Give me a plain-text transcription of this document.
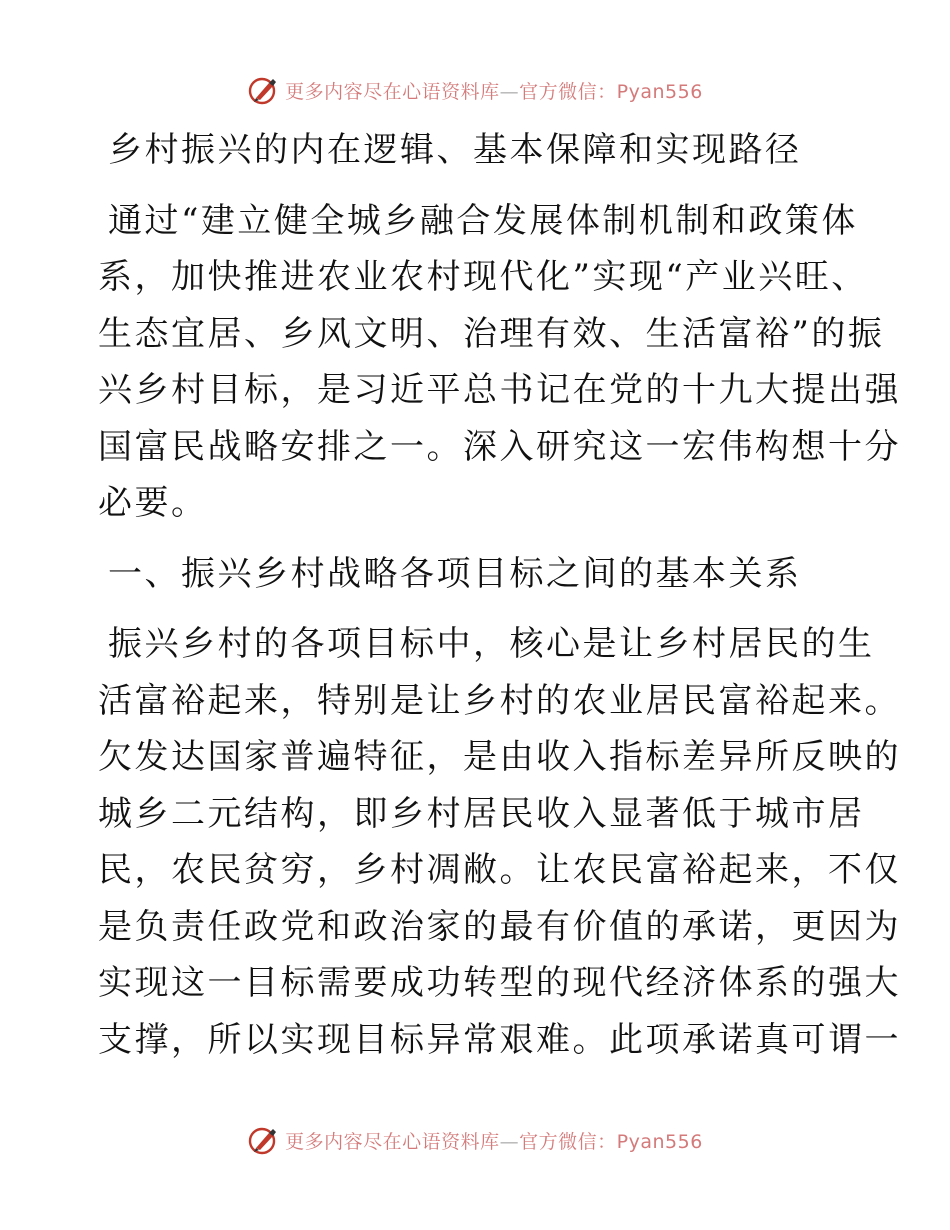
更多内容尽在心语资料库—官方微信：Pyan556
乡村振兴的内在逻辑、基本保障和实现路径
通过“建立健全城乡融合发展体制机制和政策体
系，加快推进农业农村现代化”实现“产业兴旺、
生态宜居、乡风文明、治理有效、生活富裕”的振
兴乡村目标，是习近平总书记在党的十九大提出强
国富民战略安排之一。深入研究这一宏伟构想十分
必要。
一、振兴乡村战略各项目标之间的基本关系
振兴乡村的各项目标中，核心是让乡村居民的生
活富裕起来，特别是让乡村的农业居民富裕起来。
欠发达国家普遍特征，是由收入指标差异所反映的
城乡二元结构，即乡村居民收入显著低于城市居
民，农民贫穷，乡村凋敝。让农民富裕起来，不仅
是负责任政党和政治家的最有价值的承诺，更因为
实现这一目标需要成功转型的现代经济体系的强大
支撑，所以实现目标异常艰难。此项承诺真可谓一
更多内容尽在心语资料库—官方微信：Pyan556
